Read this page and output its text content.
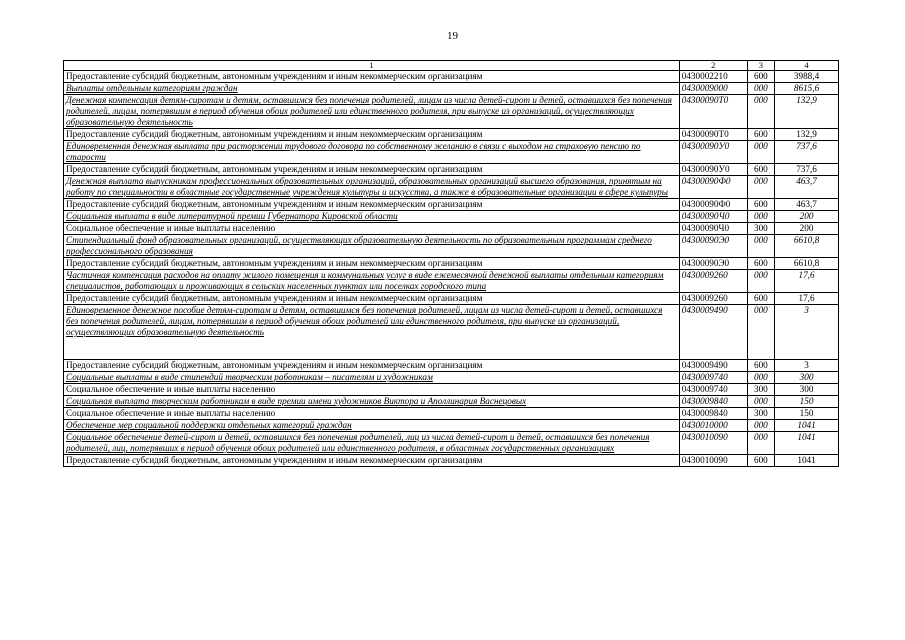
19
1	2	3	4
Предоставление субсидий бюджетным, автономным учреждениям и иным некоммерческим организациям	0430002210	600	3988,4
Выплаты отдельным категориям граждан	0430009000	000	8615,6
Денежная компенсация детям-сиротам и детям, оставшимся без попечения родителей, лицам из числа детей-сирот и детей, оставшихся без попечения родителей, лицам, потерявшим в период обучения обоих родителей или единственного родителя, при выпуске из организаций, осуществляющих образовательную деятельность	04300090Т0	000	132,9
Предоставление субсидий бюджетным, автономным учреждениям и иным некоммерческим организациям	04300090Т0	600	132,9
Единовременная денежная выплата при расторжении трудового договора по собственному желанию в связи с выходом на страховую пенсию по старости	04300090У0	000	737,6
Предоставление субсидий бюджетным, автономным учреждениям и иным некоммерческим организациям	04300090У0	600	737,6
Денежная выплата выпускникам профессиональных образовательных организаций, образовательных организаций высшего образования, принятым на работу по специальности в областные государственные учреждения культуры и искусства, а также в образовательные организации в сфере культуры	04300090Ф0	000	463,7
Предоставление субсидий бюджетным, автономным учреждениям и иным некоммерческим организациям	04300090Ф0	600	463,7
Социальная выплата в виде литературной премии Губернатора Кировской области	04300090Ч0	000	200
Социальное обеспечение и иные выплаты населению	04300090Ч0	300	200
Стипендиальный фонд образовательных организаций, осуществляющих образовательную деятельность по образовательным программам среднего профессионального образования	04300090Э0	000	6610,8
Предоставление субсидий бюджетным, автономным учреждениям и иным некоммерческим организациям	04300090Э0	600	6610,8
Частичная компенсация расходов на оплату жилого помещения и коммунальных услуг в виде ежемесячной денежной выплаты отдельным категориям специалистов, работающих и проживающих в сельских населенных пунктах или поселках городского типа	0430009260	000	17,6
Предоставление субсидий бюджетным, автономным учреждениям и иным некоммерческим организациям	0430009260	600	17,6
Единовременное денежное пособие детям-сиротам и детям, оставшимся без попечения родителей, лицам из числа детей-сирот и детей, оставшихся без попечения родителей, лицам, потерявшим в период обучения обоих родителей или единственного родителя, при выпуске из организаций, осуществляющих образовательную деятельность	0430009490	000	3
Предоставление субсидий бюджетным, автономным учреждениям и иным некоммерческим организациям	0430009490	600	3
Социальные выплаты в виде стипендий творческим работникам – писателям и художникам	0430009740	000	300
Социальное обеспечение и иные выплаты населению	0430009740	300	300
Социальная выплата творческим работникам в виде премии имени художников Виктора и Аполлинария Васнецовых	0430009840	000	150
Социальное обеспечение и иные выплаты населению	0430009840	300	150
Обеспечение мер социальной поддержки отдельных категорий граждан	0430010000	000	1041
Социальное обеспечение детей-сирот и детей, оставшихся без попечения родителей, лиц из числа детей-сирот и детей, оставшихся без попечения родителей, лиц, потерявших в период обучения обоих родителей или единственного родителя, в областных государственных организациях	0430010090	000	1041
Предоставление субсидий бюджетным, автономным учреждениям и иным некоммерческим организациям	0430010090	600	1041
